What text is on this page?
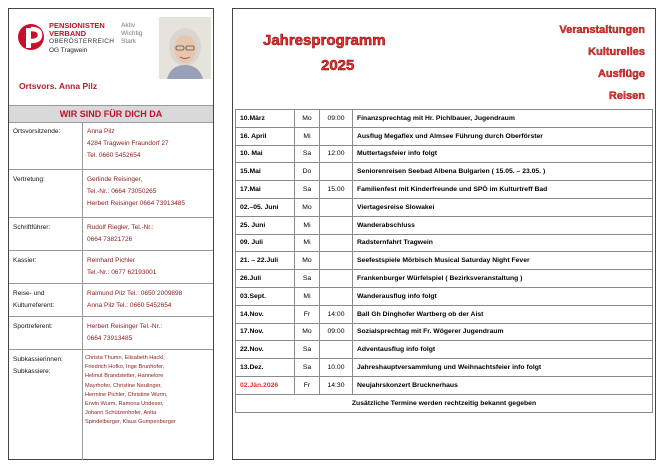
PENSIONISTEN
VERBAND
OBERÖSTERREICH
OG Tragwein
Aktiv
Wichtig
Stark
Ortsvors. Anna Pilz
WIR SIND FÜR DICH DA
Ortsvorsitzende:	Anna Pilz
4284 Tragwein Fraundorf 27
Tel. 0660 5452654
Vertretung:	Gerlinde Reisinger,
Tel.-Nr.: 0664 73050265
Herbert Reisinger 0664 73913485
Schriftführer:	Rudolf Riegler, Tel.-Nr.:
0664 73821726
Kassier:	Reinhard Pichler
Tel.-Nr.: 0677 62193001
Reise- und
Kulturreferent:
Raimund Pilz Tel.: 0650 2009898
Anna Pilz Tel.: 0660 5452654
Sportreferent:	Herbert Reisinger Tel.-Nr.:
0664 73913485
Subkassierinnen:
Subkassiere:
Christa Thumn, Elisabeth Hackl,
Friedrich Hofko, Inge Brunhofer,
Helmut Brandstetter, Hannelore
Mayrhofer, Christine Neulinger,
Hermine Pichler, Christine Wurm,
Erwin Wurm, Ramona Undeser,
Johann Schützenhofer, Anita
Spindelberger, Klaus Gumpenberger
Jahresprogramm
2025
Veranstaltungen
Kulturelles
Ausflüge
Reisen
10.März	Mo	09:00	Finanzsprechtag mit Hr. Pichlbauer, Jugendraum
16. April	Mi		Ausflug Megaflex und Almsee Führung durch Oberförster
10. Mai	Sa	12:00	Muttertagsfeier info folgt
15.Mai	Do		Seniorenreisen Seebad Albena Bulgarien ( 15.05. – 23.05. )
17.Mai	Sa	15.00	Familienfest mit Kinderfreunde und SPÖ im Kulturtreff Bad
02.–05. Juni	Mo		Viertagesreise Slowakei
25. Juni	Mi		Wanderabschluss
09. Juli	Mi		Radsternfahrt Tragwein
21. – 22.Juli	Mo		Seefestspiele Mörbisch Musical Saturday Night Fever
26.Juli	Sa		Frankenburger Würfelspiel ( Bezirksveranstaltung )
03.Sept.	Mi		Wanderausflug info folgt
14.Nov.	Fr	14:00	Ball Gh Dinghofer Wartberg ob der Aist
17.Nov.	Mo	09:00	Sozialsprechtag mit Fr. Wögerer Jugendraum
22.Nov.	Sa		Adventausflug info folgt
13.Dez.	Sa	10.00	Jahreshauptversammlung und Weihnachtsfeier info folgt
02.Jän.2026	Fr	14:30	Neujahrskonzert Brucknerhaus
Zusätzliche Termine werden rechtzeitig bekannt gegeben			
